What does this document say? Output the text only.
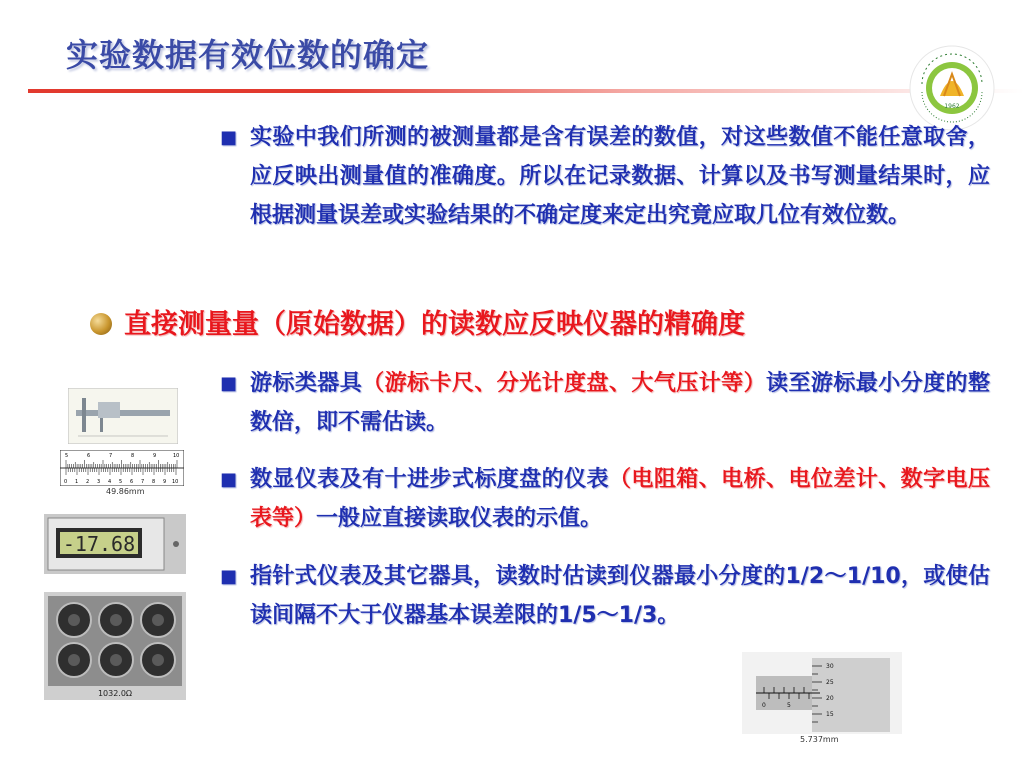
实验数据有效位数的确定
1962
■ 实验中我们所测的被测量都是含有误差的数值，对这些数值不能任意取舍，应反映出测量值的准确度。所以在记录数据、计算以及书写测量结果时，应根据测量误差或实验结果的不确定度来定出究竟应取几位有效位数。
直接测量量（原始数据）的读数应反映仪器的精确度
■ 游标类器具（游标卡尺、分光计度盘、大气压计等）读至游标最小分度的整数倍，即不需估读。
■ 数显仪表及有十进步式标度盘的仪表（电阻箱、电桥、电位差计、数字电压表等）一般应直接读取仪表的示值。
■ 指针式仪表及其它器具，读数时估读到仪器最小分度的1/2～1/10，或使估读间隔不大于仪器基本误差限的1/5～1/3。
5	6	7	8	9	10
0 1 2 3 4 5 6 7 8 9 10
49.86mm
-17.68
1032.0Ω
30
25
20
15
0	5
5.737mm
